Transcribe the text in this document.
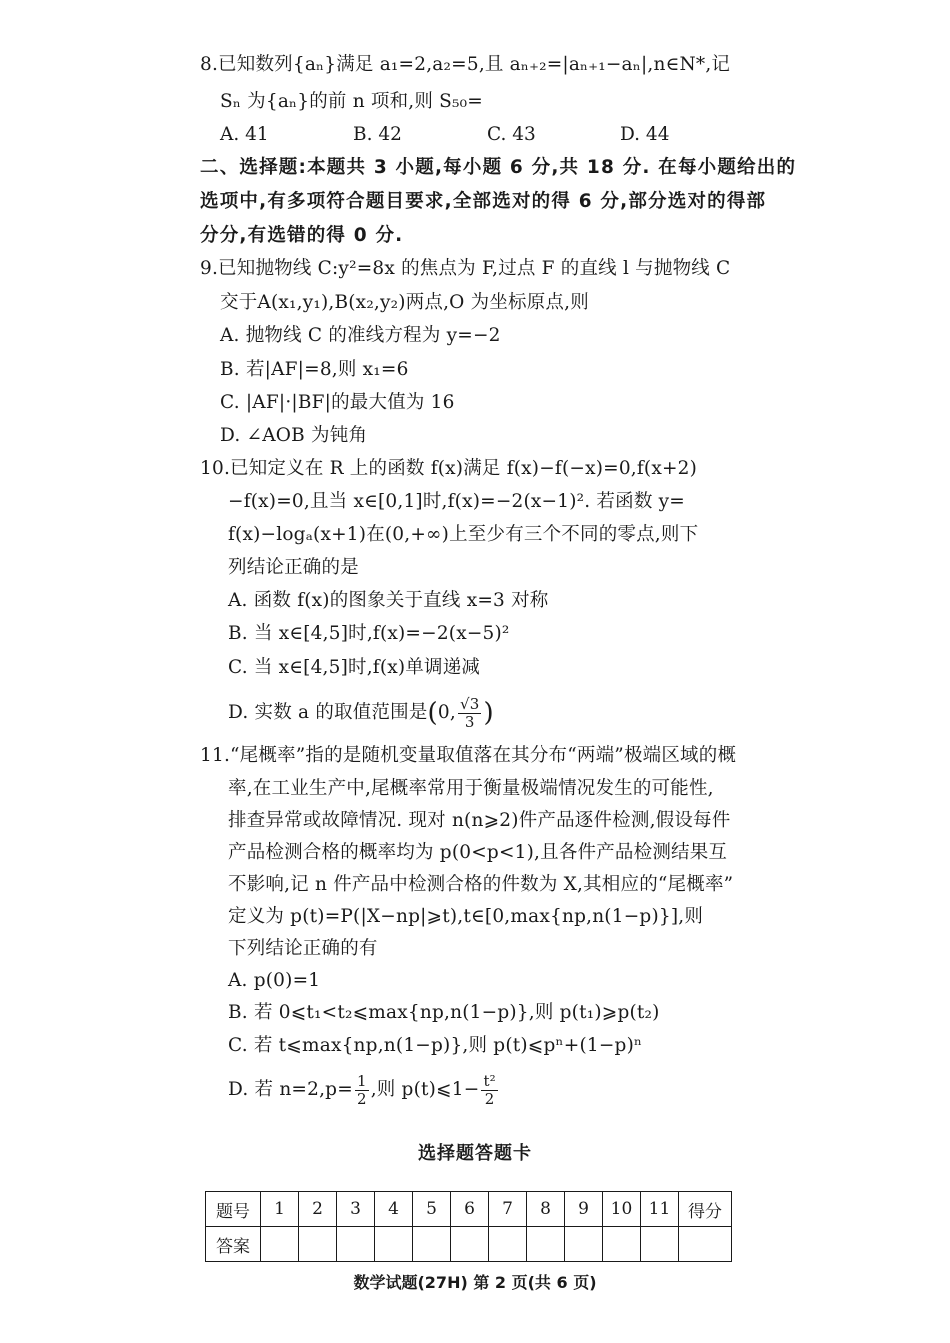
8.已知数列{aₙ}满足 a₁=2,a₂=5,且 aₙ₊₂=|aₙ₊₁−aₙ|,n∈N*,记
Sₙ 为{aₙ}的前 n 项和,则 S₅₀=
A. 41	B. 42	C. 43	D. 44
二、选择题:本题共 3 小题,每小题 6 分,共 18 分. 在每小题给出的
选项中,有多项符合题目要求,全部选对的得 6 分,部分选对的得部
分分,有选错的得 0 分.
9.已知抛物线 C:y²=8x 的焦点为 F,过点 F 的直线 l 与抛物线 C
交于A(x₁,y₁),B(x₂,y₂)两点,O 为坐标原点,则
A. 抛物线 C 的准线方程为 y=−2
B. 若|AF|=8,则 x₁=6
C. |AF|·|BF|的最大值为 16
D. ∠AOB 为钝角
10.已知定义在 R 上的函数 f(x)满足 f(x)−f(−x)=0,f(x+2)
−f(x)=0,且当 x∈[0,1]时,f(x)=−2(x−1)². 若函数 y=
f(x)−logₐ(x+1)在(0,+∞)上至少有三个不同的零点,则下
列结论正确的是
A. 函数 f(x)的图象关于直线 x=3 对称
B. 当 x∈[4,5]时,f(x)=−2(x−5)²
C. 当 x∈[4,5]时,f(x)单调递减
D. 实数 a 的取值范围是(0, $\frac{√3}{3}$ )
11.“尾概率”指的是随机变量取值落在其分布“两端”极端区域的概
率,在工业生产中,尾概率常用于衡量极端情况发生的可能性,
排查异常或故障情况. 现对 n(n⩾2)件产品逐件检测,假设每件
产品检测合格的概率均为 p(0<p<1),且各件产品检测结果互
不影响,记 n 件产品中检测合格的件数为 X,其相应的“尾概率”
定义为 p(t)=P(|X−np|⩾t),t∈[0,max{np,n(1−p)}],则
下列结论正确的有
A. p(0)=1
B. 若 0⩽t₁<t₂⩽max{np,n(1−p)},则 p(t₁)⩾p(t₂)
C. 若 t⩽max{np,n(1−p)},则 p(t)⩽pⁿ+(1−p)ⁿ
D. 若 $n=2,p= \frac{1}{2}$ ,则 p(t)⩽1− $\frac{\text{t²}}{2}$
选择题答题卡
题号	1	2	3	4	5	6	7	8	9	10	11	得分
答案												
数学试题(27H) 第 2 页(共 6 页)
